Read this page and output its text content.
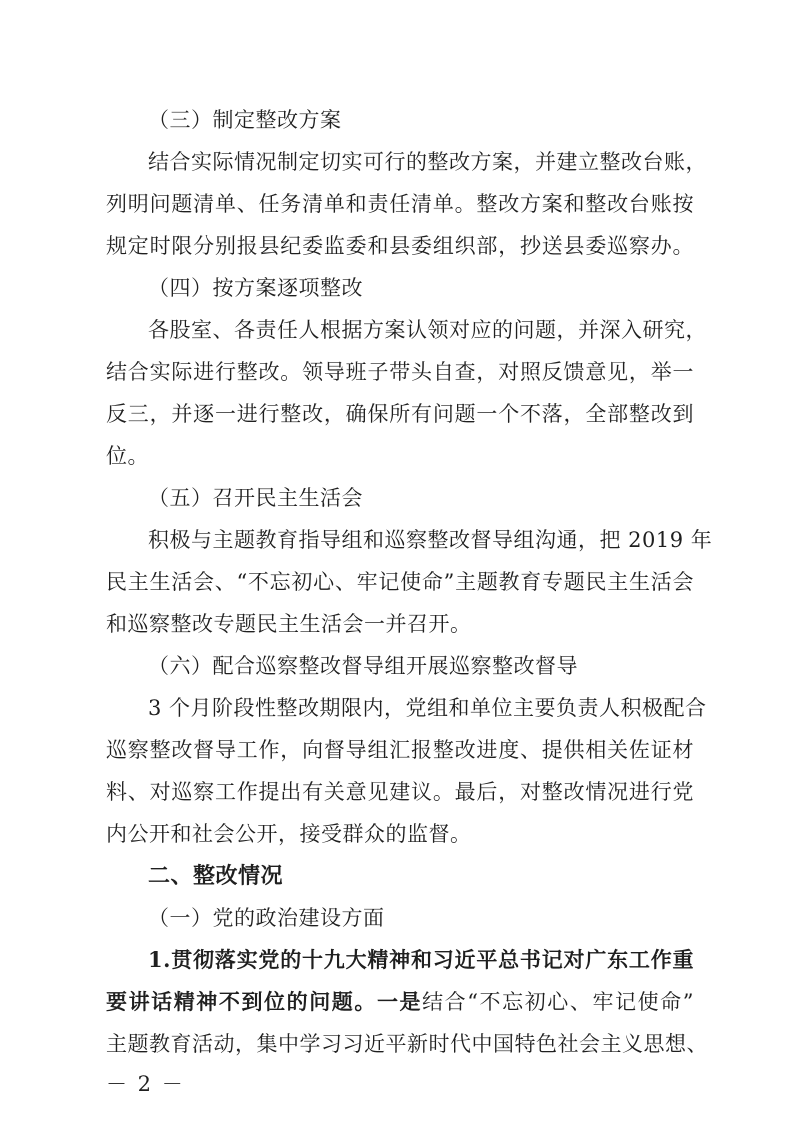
（三）制定整改方案
结合实际情况制定切实可行的整改方案，并建立整改台账，
列明问题清单、任务清单和责任清单。整改方案和整改台账按
规定时限分别报县纪委监委和县委组织部，抄送县委巡察办。
（四）按方案逐项整改
各股室、各责任人根据方案认领对应的问题，并深入研究，
结合实际进行整改。领导班子带头自查，对照反馈意见，举一
反三，并逐一进行整改，确保所有问题一个不落，全部整改到
位。
（五）召开民主生活会
积极与主题教育指导组和巡察整改督导组沟通，把 2019 年
民主生活会、“不忘初心、牢记使命”主题教育专题民主生活会
和巡察整改专题民主生活会一并召开。
（六）配合巡察整改督导组开展巡察整改督导
3 个月阶段性整改期限内，党组和单位主要负责人积极配合
巡察整改督导工作，向督导组汇报整改进度、提供相关佐证材
料、对巡察工作提出有关意见建议。最后，对整改情况进行党
内公开和社会公开，接受群众的监督。
二、整改情况
（一）党的政治建设方面
1.贯彻落实党的十九大精神和习近平总书记对广东工作重
要讲话精神不到位的问题。一是结合“不忘初心、牢记使命”
主题教育活动，集中学习习近平新时代中国特色社会主义思想、
－ 2 －
